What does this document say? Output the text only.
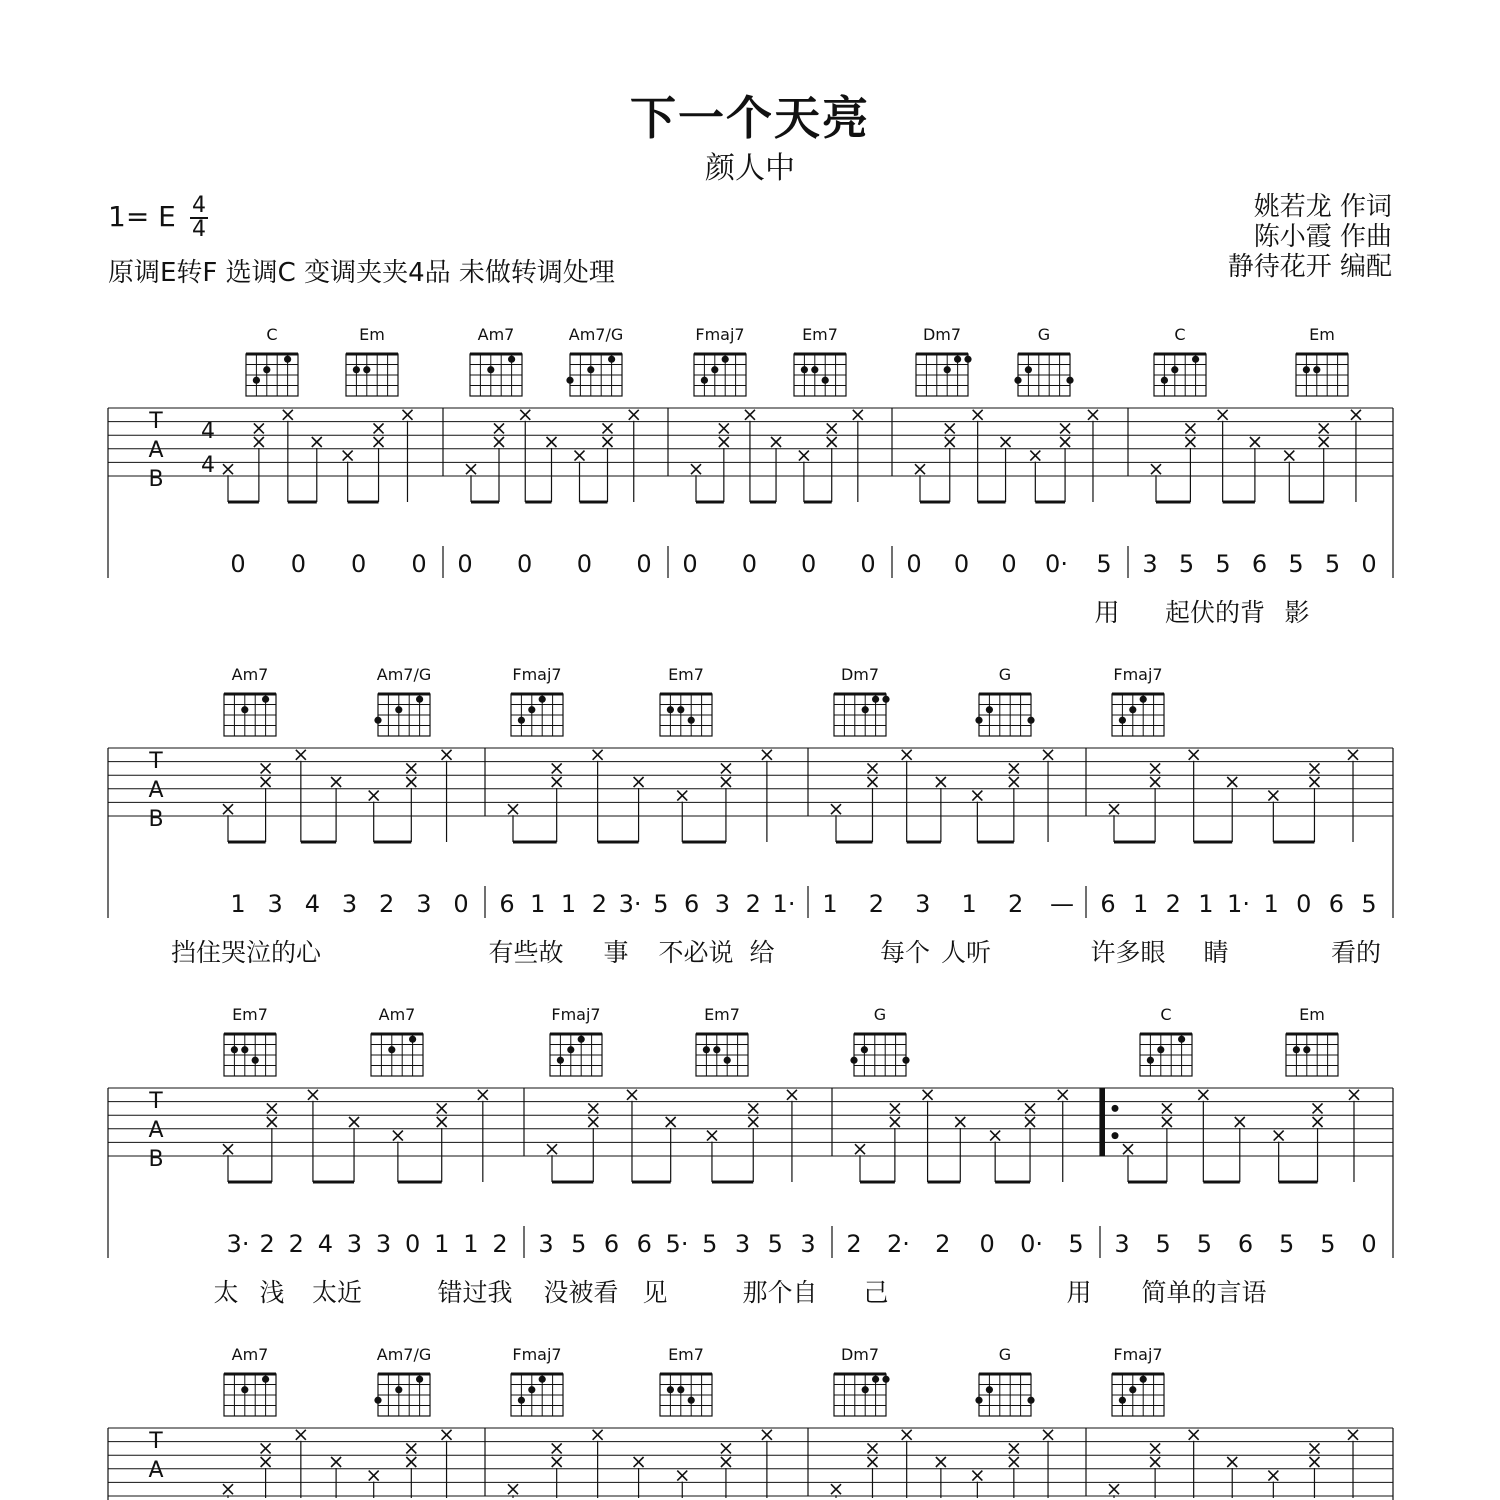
下一个天亮
颜人中
1= E 4
4
原调E转F 选调C 变调夹夹4品 未做转调处理
姚若龙 作词
陈小霞 作曲
静待花开 编配
C	Em	Am7	Am7/G	Fmaj7	Em7	Dm7	G	C	Em
T
A
B
4
4
0 0 0 0 0 0 0 0 0 0 0 0 0 0 0 0· 5 3 5 5 6 5 5 0
用 起伏的背 影
Am7	Am7/G	Fmaj7	Em7	Dm7	G	Fmaj7
T
A
B
1 3 4 3 2 3 0 6 1 1 2 3· 5 6 3 2 1· 1 2 3 1 2 — 6 1 2 1 1· 1 0 6 5
挡住哭泣的心	有些故 事 不必说 给	每个 人听	许多眼 睛	看的
Em7	Am7	Fmaj7	Em7	G	C	Em
T
A
B
3· 2 2 4 3 3 0 1 1 2 3 5 6 6 5· 5 3 5 3 2 2· 2 0 0· 5 3 5 5 6 5 5 0
太 浅 太近	错过我 没被看 见	那个自 己	用 简单的言语
Am7	Am7/G	Fmaj7	Em7	Dm7	G	Fmaj7
T
A
